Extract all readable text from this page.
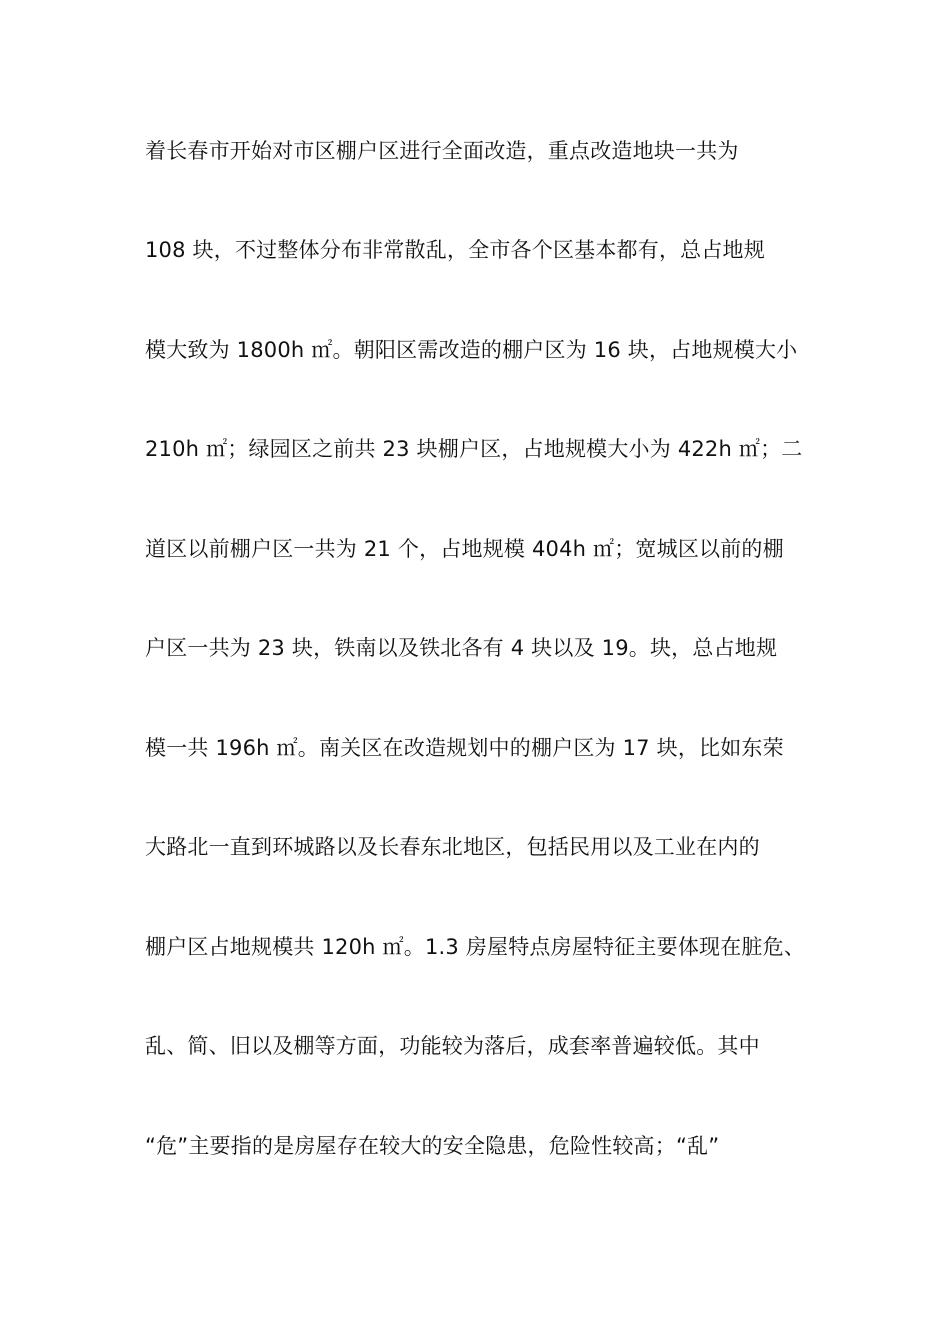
着长春市开始对市区棚户区进行全面改造，重点改造地块一共为
108 块，不过整体分布非常散乱，全市各个区基本都有，总占地规
模大致为 1800h ㎡。朝阳区需改造的棚户区为 16 块，占地规模大小
210h ㎡；绿园区之前共 23 块棚户区，占地规模大小为 422h ㎡；二
道区以前棚户区一共为 21 个，占地规模 404h ㎡；宽城区以前的棚
户区一共为 23 块，铁南以及铁北各有 4 块以及 19。块，总占地规
模一共 196h ㎡。南关区在改造规划中的棚户区为 17 块，比如东荣
大路北一直到环城路以及长春东北地区，包括民用以及工业在内的
棚户区占地规模共 120h ㎡。1.3 房屋特点房屋特征主要体现在脏危、
乱、简、旧以及棚等方面，功能较为落后，成套率普遍较低。其中
“危”主要指的是房屋存在较大的安全隐患，危险性较高；“乱”
